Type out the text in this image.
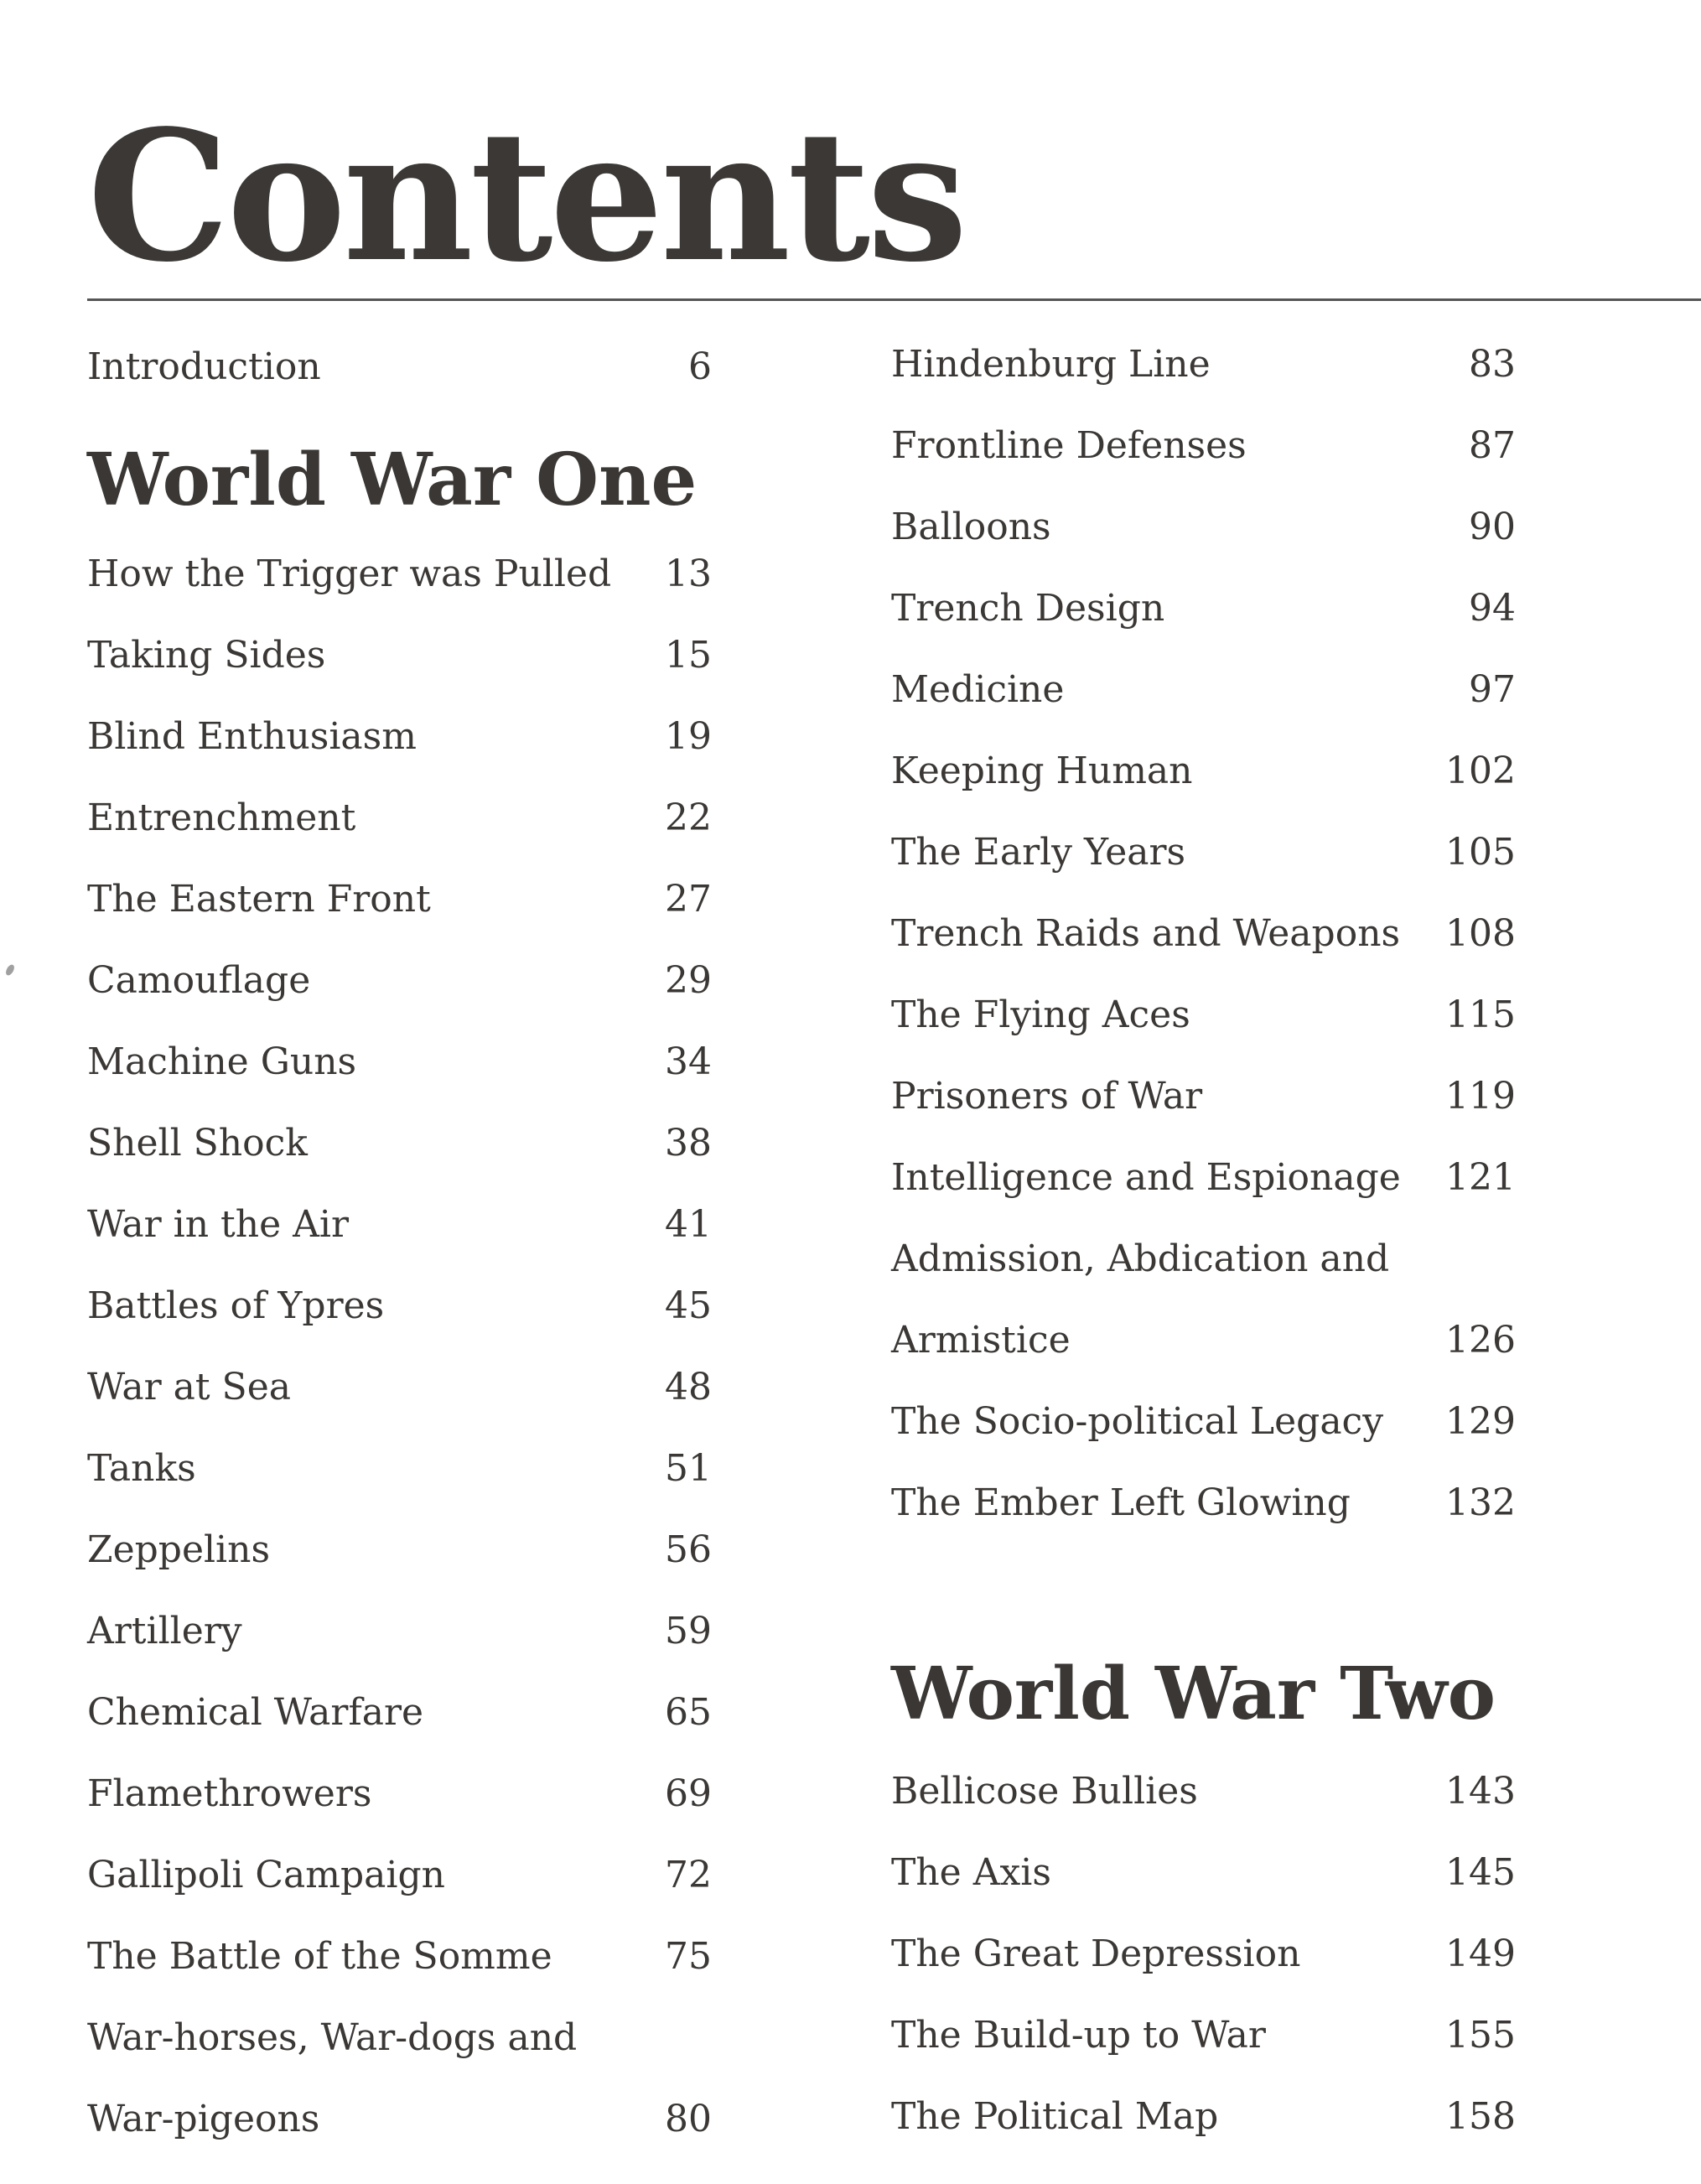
Contents
Introduction	6
World War One
How the Trigger was Pulled 13
Taking Sides	15
Blind Enthusiasm	19
Entrenchment	22
The Eastern Front	27
Camouflage	29
Machine Guns	34
Shell Shock	38
War in the Air	41
Battles of Ypres	45
War at Sea	48
Tanks	51
Zeppelins	56
Artillery	59
Chemical Warfare	65
Flamethrowers	69
Gallipoli Campaign	72
The Battle of the Somme	75
War-horses, War-dogs and
War-pigeons	80
Hindenburg Line	83
Frontline Defenses	87
Balloons	90
Trench Design	94
Medicine	97
Keeping Human	102
The Early Years	105
Trench Raids and Weapons 108
The Flying Aces	115
Prisoners of War	119
Intelligence and Espionage 121
Admission, Abdication and
Armistice	126
The Socio-political Legacy 129
The Ember Left Glowing	132
World War Two
Bellicose Bullies	143
The Axis	145
The Great Depression	149
The Build-up to War	155
The Political Map	158
